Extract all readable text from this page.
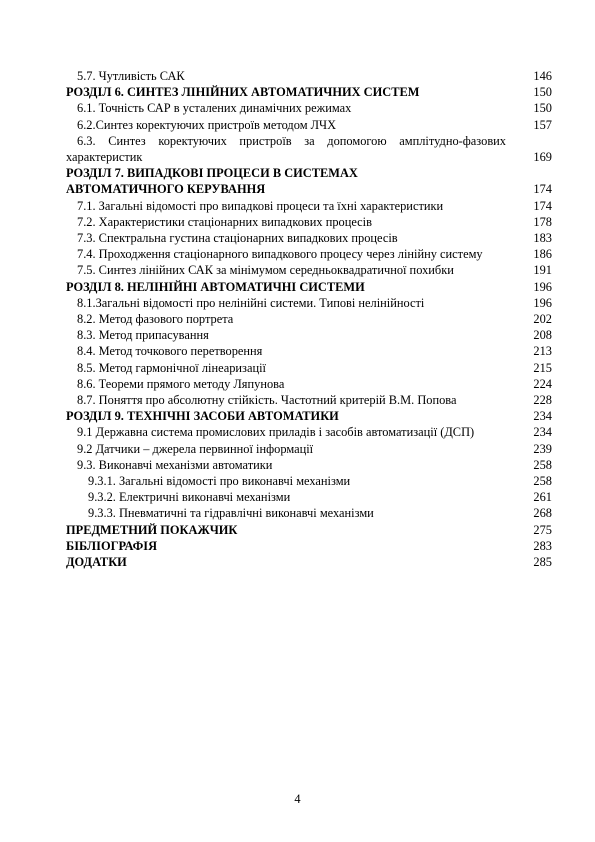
5.7. Чутливість САК	146
РОЗДІЛ 6. СИНТЕЗ ЛІНІЙНИХ АВТОМАТИЧНИХ СИСТЕМ	150
6.1. Точність САР в усталених динамічних режимах	150
6.2.Синтез коректуючих пристроїв методом ЛЧХ	157
6.3. Синтез коректуючих пристроїв за допомогою амплітудно-фазових характеристик	169
РОЗДІЛ 7. ВИПАДКОВІ ПРОЦЕСИ В СИСТЕМАХ АВТОМАТИЧНОГО КЕРУВАННЯ	174
7.1. Загальні відомості про випадкові процеси та їхні характеристики	174
7.2. Характеристики стаціонарних випадкових процесів	178
7.3. Спектральна густина стаціонарних випадкових процесів	183
7.4. Проходження стаціонарного випадкового процесу через лінійну систему	186
7.5. Синтез лінійних САК за мінімумом середньоквадратичної похибки	191
РОЗДІЛ 8. НЕЛІНІЙНІ АВТОМАТИЧНІ СИСТЕМИ	196
8.1.Загальні відомості про нелінійні системи. Типові нелінійності	196
8.2. Метод фазового портрета	202
8.3. Метод припасування	208
8.4. Метод точкового перетворення	213
8.5. Метод гармонічної лінеаризації	215
8.6. Теореми прямого методу Ляпунова	224
8.7. Поняття про абсолютну стійкість. Частотний критерій В.М. Попова	228
РОЗДІЛ 9. ТЕХНІЧНІ ЗАСОБИ АВТОМАТИКИ	234
9.1 Державна система промислових приладів і засобів автоматизації (ДСП)	234
9.2 Датчики – джерела первинної інформації	239
9.3. Виконавчі механізми автоматики	258
9.3.1. Загальні відомості про виконавчі механізми	258
9.3.2. Електричні виконавчі механізми	261
9.3.3. Пневматичні та гідравлічні виконавчі механізми	268
ПРЕДМЕТНИЙ ПОКАЖЧИК	275
БІБЛІОГРАФІЯ	283
ДОДАТКИ	285
4
